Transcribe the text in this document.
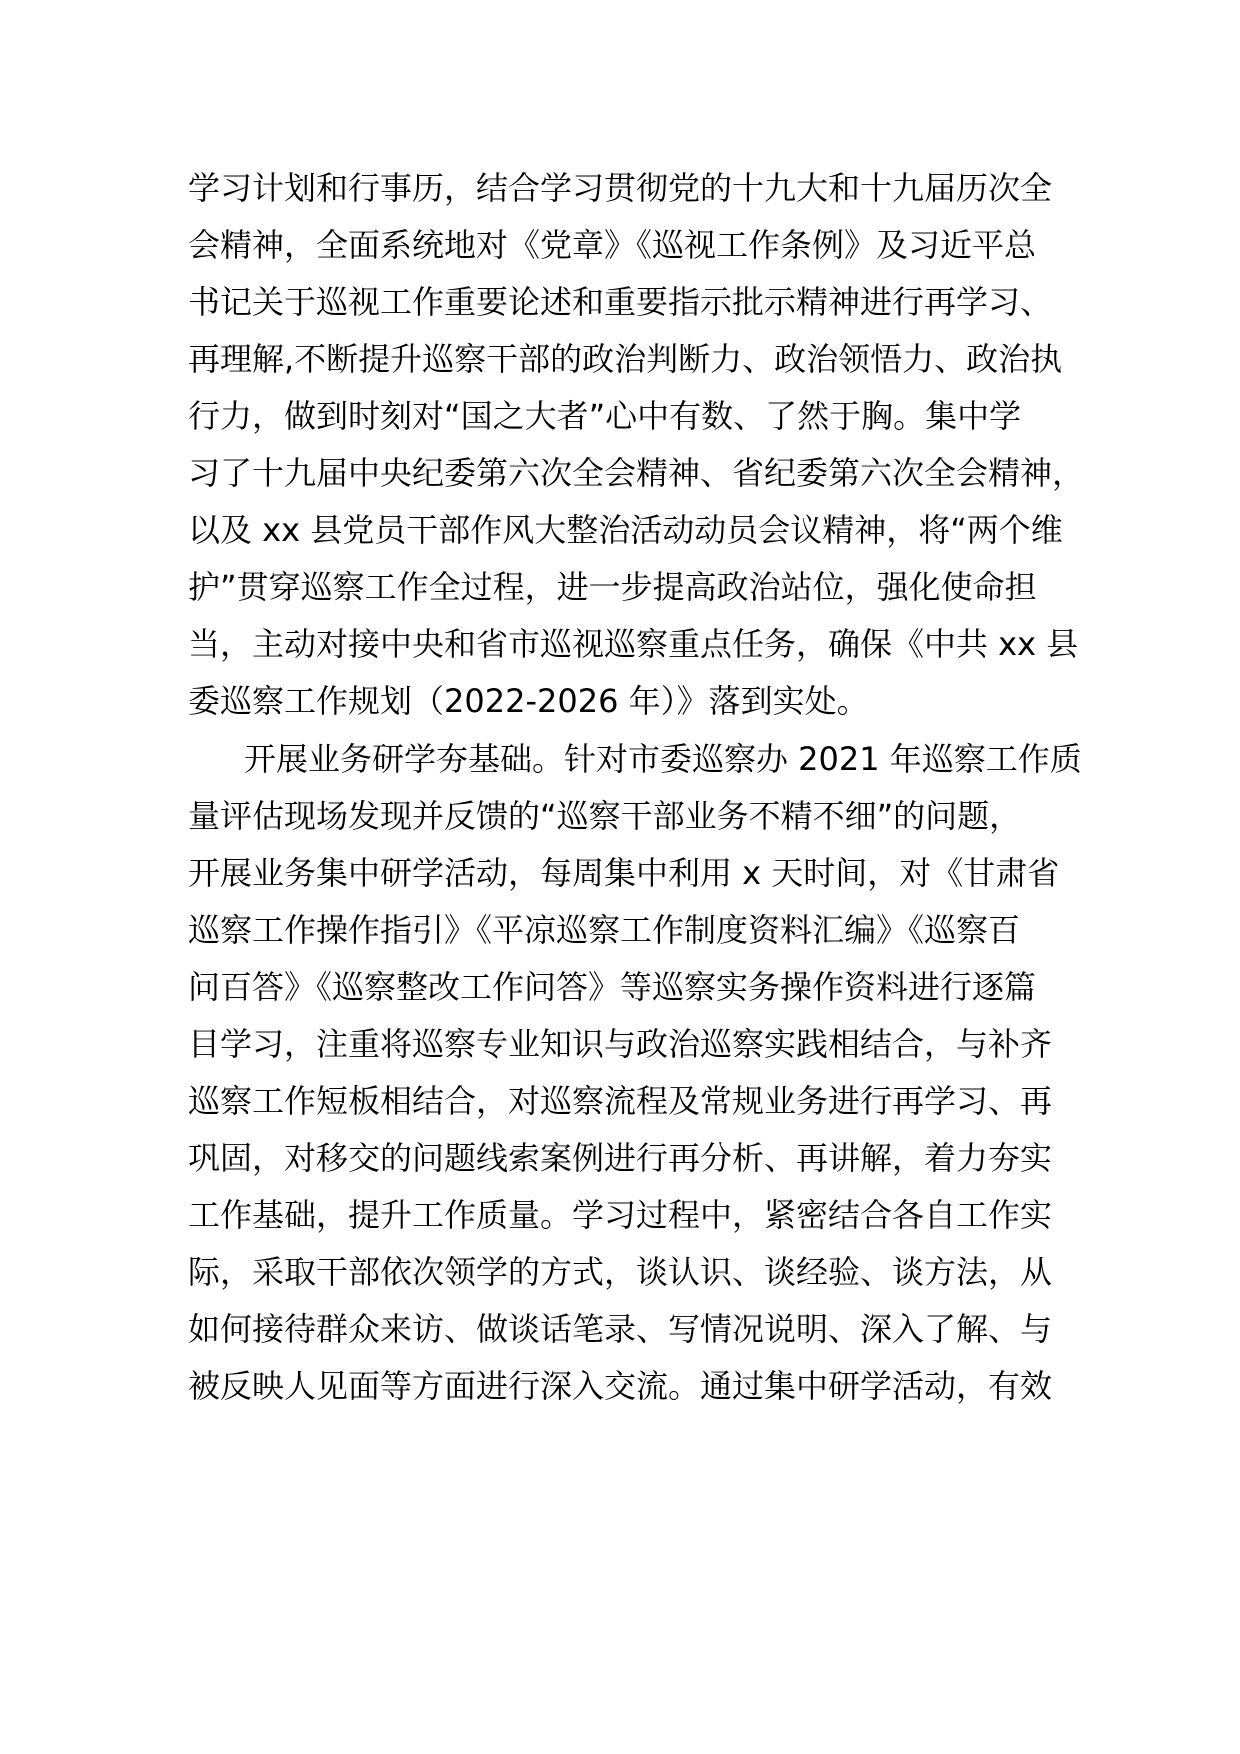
学习计划和行事历，结合学习贯彻党的十九大和十九届历次全
会精神，全面系统地对《党章》《巡视工作条例》及习近平总
书记关于巡视工作重要论述和重要指示批示精神进行再学习、
再理解,不断提升巡察干部的政治判断力、政治领悟力、政治执
行力，做到时刻对“国之大者”心中有数、了然于胸。集中学
习了十九届中央纪委第六次全会精神、省纪委第六次全会精神，
以及 xx 县党员干部作风大整治活动动员会议精神，将“两个维
护”贯穿巡察工作全过程，进一步提高政治站位，强化使命担
当，主动对接中央和省市巡视巡察重点任务，确保《中共 xx 县
委巡察工作规划（2022-2026 年）》落到实处。
开展业务研学夯基础。针对市委巡察办 2021 年巡察工作质
量评估现场发现并反馈的“巡察干部业务不精不细”的问题，
开展业务集中研学活动，每周集中利用 x 天时间，对《甘肃省
巡察工作操作指引》《平凉巡察工作制度资料汇编》《巡察百
问百答》《巡察整改工作问答》等巡察实务操作资料进行逐篇
目学习，注重将巡察专业知识与政治巡察实践相结合，与补齐
巡察工作短板相结合，对巡察流程及常规业务进行再学习、再
巩固，对移交的问题线索案例进行再分析、再讲解，着力夯实
工作基础，提升工作质量。学习过程中，紧密结合各自工作实
际，采取干部依次领学的方式，谈认识、谈经验、谈方法，从
如何接待群众来访、做谈话笔录、写情况说明、深入了解、与
被反映人见面等方面进行深入交流。通过集中研学活动，有效
